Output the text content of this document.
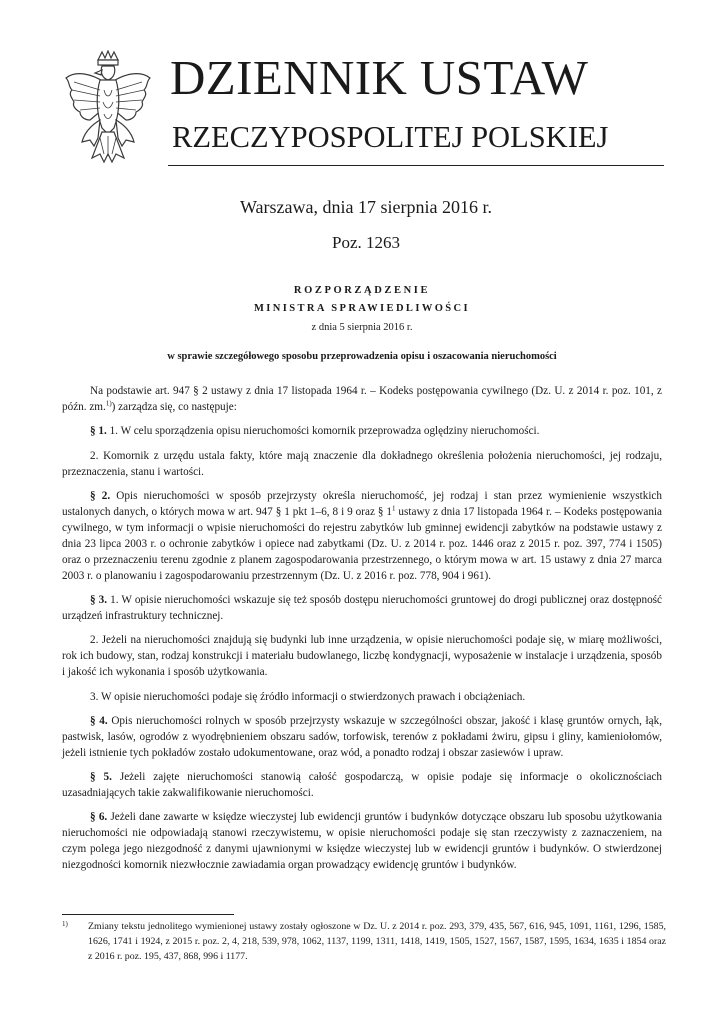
DZIENNIK USTAW
RZECZYPOSPOLITEJ POLSKIEJ
Warszawa, dnia 17 sierpnia 2016 r.
Poz. 1263
ROZPORZĄDZENIE
MINISTRA SPRAWIEDLIWOŚCI
z dnia 5 sierpnia 2016 r.
w sprawie szczegółowego sposobu przeprowadzenia opisu i oszacowania nieruchomości

Na podstawie art. 947 § 2 ustawy z dnia 17 listopada 1964 r. – Kodeks postępowania cywilnego (Dz. U. z 2014 r. poz. 101, z późn. zm.$^{1)}$) zarządza się, co następuje:

§ 1. 1. W celu sporządzenia opisu nieruchomości komornik przeprowadza oględziny nieruchomości.

2. Komornik z urzędu ustala fakty, które mają znaczenie dla dokładnego określenia położenia nieruchomości, jej rodzaju, przeznaczenia, stanu i wartości.

§ 2. Opis nieruchomości w sposób przejrzysty określa nieruchomość, jej rodzaj i stan przez wymienienie wszystkich ustalonych danych, o których mowa w art. 947 § 1 pkt 1–6, 8 i 9 oraz § $1^1$ ustawy z dnia 17 listopada 1964 r. – Kodeks postępowania cywilnego, w tym informacji o wpisie nieruchomości do rejestru zabytków lub gminnej ewidencji zabytków na podstawie ustawy z dnia 23 lipca 2003 r. o ochronie zabytków i opiece nad zabytkami (Dz. U. z 2014 r. poz. 1446 oraz z 2015 r. poz. 397, 774 i 1505) oraz o przeznaczeniu terenu zgodnie z planem zagospodarowania przestrzennego, o którym mowa w art. 15 ustawy z dnia 27 marca 2003 r. o planowaniu i zagospodarowaniu przestrzennym (Dz. U. z 2016 r. poz. 778, 904 i 961).

§ 3. 1. W opisie nieruchomości wskazuje się też sposób dostępu nieruchomości gruntowej do drogi publicznej oraz dostępność urządzeń infrastruktury technicznej.

2. Jeżeli na nieruchomości znajdują się budynki lub inne urządzenia, w opisie nieruchomości podaje się, w miarę możliwości, rok ich budowy, stan, rodzaj konstrukcji i materiału budowlanego, liczbę kondygnacji, wyposażenie w instalacje i urządzenia, sposób i jakość ich wykonania i sposób użytkowania.

3. W opisie nieruchomości podaje się źródło informacji o stwierdzonych prawach i obciążeniach.

§ 4. Opis nieruchomości rolnych w sposób przejrzysty wskazuje w szczególności obszar, jakość i klasę gruntów ornych, łąk, pastwisk, lasów, ogrodów z wyodrębnieniem obszaru sadów, torfowisk, terenów z pokładami żwiru, gipsu i gliny, kamieniołomów, jeżeli istnienie tych pokładów zostało udokumentowane, oraz wód, a ponadto rodzaj i obszar zasiewów i upraw.

§ 5. Jeżeli zajęte nieruchomości stanowią całość gospodarczą, w opisie podaje się informacje o okolicznościach uzasadniających takie zakwalifikowanie nieruchomości.

§ 6. Jeżeli dane zawarte w księdze wieczystej lub ewidencji gruntów i budynków dotyczące obszaru lub sposobu użytkowania nieruchomości nie odpowiadają stanowi rzeczywistemu, w opisie nieruchomości podaje się stan rzeczywisty z zaznaczeniem, na czym polega jego niezgodność z danymi ujawnionymi w księdze wieczystej lub w ewidencji gruntów i budynków. O stwierdzonej niezgodności komornik niezwłocznie zawiadamia organ prowadzący ewidencję gruntów i budynków.

1) Zmiany tekstu jednolitego wymienionej ustawy zostały ogłoszone w Dz. U. z 2014 r. poz. 293, 379, 435, 567, 616, 945, 1091, 1161, 1296, 1585, 1626, 1741 i 1924, z 2015 r. poz. 2, 4, 218, 539, 978, 1062, 1137, 1199, 1311, 1418, 1419, 1505, 1527, 1567, 1587, 1595, 1634, 1635 i 1854 oraz z 2016 r. poz. 195, 437, 868, 996 i 1177.
